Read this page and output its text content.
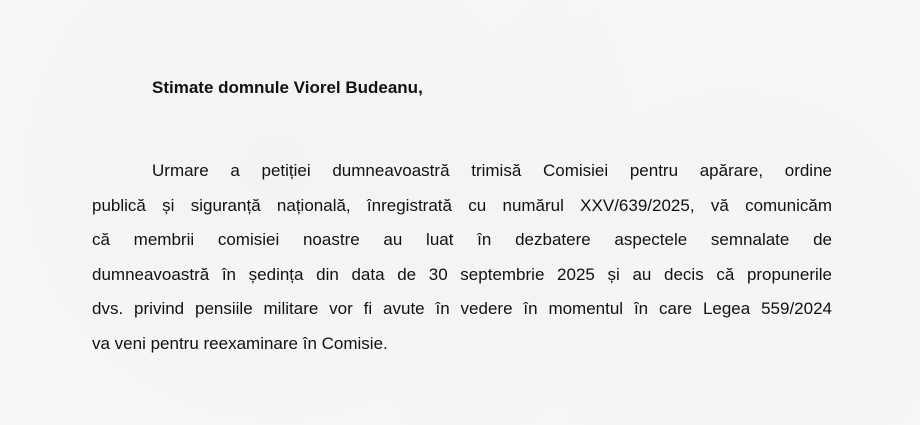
Stimate domnule Viorel Budeanu,
Urmare a petiției dumneavoastră trimisă Comisiei pentru apărare, ordine
publică și siguranță națională, înregistrată cu numărul XXV/639/2025, vă comunicăm
că membrii comisiei noastre au luat în dezbatere aspectele semnalate de
dumneavoastră în ședința din data de 30 septembrie 2025 și au decis că propunerile
dvs. privind pensiile militare vor fi avute în vedere în momentul în care Legea 559/2024
va veni pentru reexaminare în Comisie.
